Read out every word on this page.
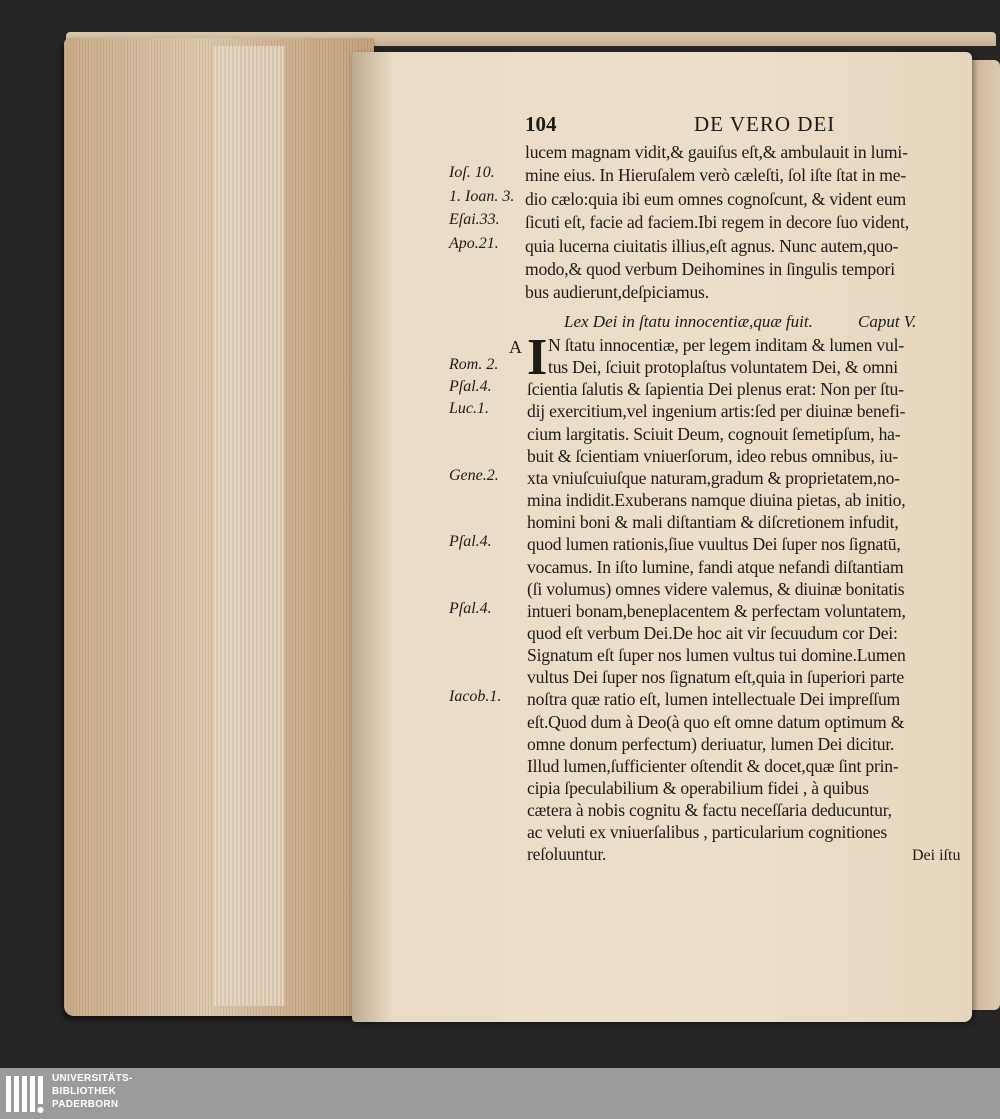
104	DE VERO DEI
lucem magnam vidit,& gauiſus eſt,& ambulauit in lumi-
mine eius. In Hieruſalem verò cæleſti, ſol iſte ſtat in me-
dio cælo:quia ibi eum omnes cognoſcunt, & vident eum
ſicuti eſt, facie ad faciem.Ibi regem in decore ſuo vident,
quia lucerna ciuitatis illius,eſt agnus. Nunc autem,quo-
modo,& quod verbum Deihomines in ſingulis tempori
bus audierunt,deſpiciamus.
Lex Dei in ſtatu innocentiæ,quæ fuit.	Caput V.
A I N ſtatu innocentiæ, per legem inditam & lumen vul-
tus Dei, ſciuit protoplaſtus voluntatem Dei, & omni
ſcientia ſalutis & ſapientia Dei plenus erat: Non per ſtu-
dij exercitium,vel ingenium artis:ſed per diuinæ benefi-
cium largitatis. Sciuit Deum, cognouit ſemetipſum, ha-
buit & ſcientiam vniuerſorum, ideo rebus omnibus, iu-
xta vniuſcuiuſque naturam,gradum & proprietatem,no-
mina indidit.Exuberans namque diuina pietas, ab initio,
homini boni & mali diſtantiam & diſcretionem infudit,
quod lumen rationis,ſiue vuultus Dei ſuper nos ſignatū,
vocamus. In iſto lumine, fandi atque nefandi diſtantiam
(ſi volumus) omnes videre valemus, & diuinæ bonitatis
intueri bonam,beneplacentem & perfectam voluntatem,
quod eſt verbum Dei.De hoc ait vir ſecuudum cor Dei:
Signatum eſt ſuper nos lumen vultus tui domine.Lumen
vultus Dei ſuper nos ſignatum eſt,quia in ſuperiori parte
noſtra quæ ratio eſt, lumen intellectuale Dei impreſſum
eſt.Quod dum à Deo(à quo eſt omne datum optimum &
omne donum perfectum) deriuatur, lumen Dei dicitur.
Illud lumen,ſufficienter oſtendit & docet,quæ ſint prin-
cipia ſpeculabilium & operabilium fidei , à quibus
cætera à nobis cognitu & factu neceſſaria deducuntur,
ac veluti ex vniuerſalibus , particularium cognitiones
reſoluuntur.
Ioſ. 10.
1. Ioan. 3.
Eſai.33.
Apo.21.
Rom. 2.
Pſal.4.
Luc.1.
Gene.2.
Pſal.4.
Pſal.4.
Iacob.1.
Dei iſtu
UNIVERSITÄTS-
BIBLIOTHEK
PADERBORN
